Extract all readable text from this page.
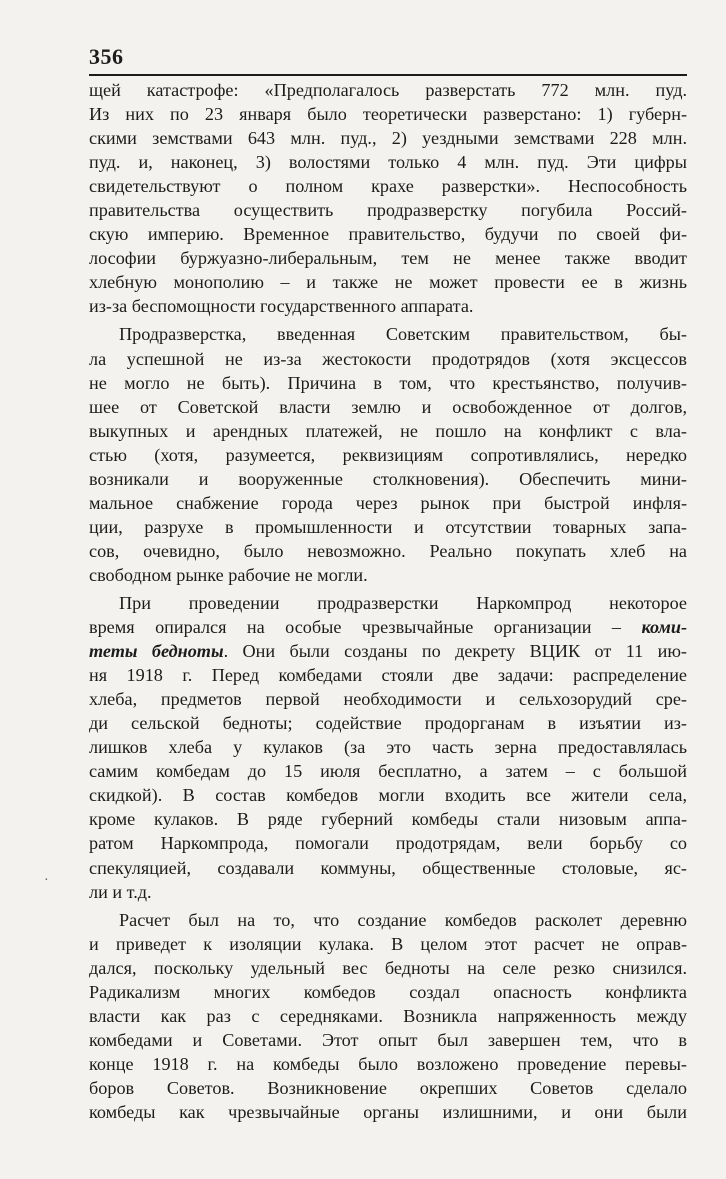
356
·
щей катастрофе: «Предполагалось разверстать 772 млн. пуд.
Из них по 23 января было теоретически разверстано: 1) губерн-
скими земствами 643 млн. пуд., 2) уездными земствами 228 млн.
пуд. и, наконец, 3) волостями только 4 млн. пуд. Эти цифры
свидетельствуют о полном крахе разверстки». Неспособность
правительства осуществить продразверстку погубила Россий-
скую империю. Временное правительство, будучи по своей фи-
лософии буржуазно-либеральным, тем не менее также вводит
хлебную монополию – и также не может провести ее в жизнь
из-за беспомощности государственного аппарата.
Продразверстка, введенная Советским правительством, бы-
ла успешной не из-за жестокости продотрядов (хотя эксцессов
не могло не быть). Причина в том, что крестьянство, получив-
шее от Советской власти землю и освобожденное от долгов,
выкупных и арендных платежей, не пошло на конфликт с вла-
стью (хотя, разумеется, реквизициям сопротивлялись, нередко
возникали и вооруженные столкновения). Обеспечить мини-
мальное снабжение города через рынок при быстрой инфля-
ции, разрухе в промышленности и отсутствии товарных запа-
сов, очевидно, было невозможно. Реально покупать хлеб на
свободном рынке рабочие не могли.
При проведении продразверстки Наркомпрод некоторое
время опирался на особые чрезвычайные организации – коми-
теты бедноты. Они были созданы по декрету ВЦИК от 11 ию-
ня 1918 г. Перед комбедами стояли две задачи: распределение
хлеба, предметов первой необходимости и сельхозорудий сре-
ди сельской бедноты; содействие продорганам в изъятии из-
лишков хлеба у кулаков (за это часть зерна предоставлялась
самим комбедам до 15 июля бесплатно, а затем – с большой
скидкой). В состав комбедов могли входить все жители села,
кроме кулаков. В ряде губерний комбеды стали низовым аппа-
ратом Наркомпрода, помогали продотрядам, вели борьбу со
спекуляцией, создавали коммуны, общественные столовые, яс-
ли и т.д.
Расчет был на то, что создание комбедов расколет деревню
и приведет к изоляции кулака. В целом этот расчет не оправ-
дался, поскольку удельный вес бедноты на селе резко снизился.
Радикализм многих комбедов создал опасность конфликта
власти как раз с середняками. Возникла напряженность между
комбедами и Советами. Этот опыт был завершен тем, что в
конце 1918 г. на комбеды было возложено проведение перевы-
боров Советов. Возникновение окрепших Советов сделало
комбеды как чрезвычайные органы излишними, и они были
